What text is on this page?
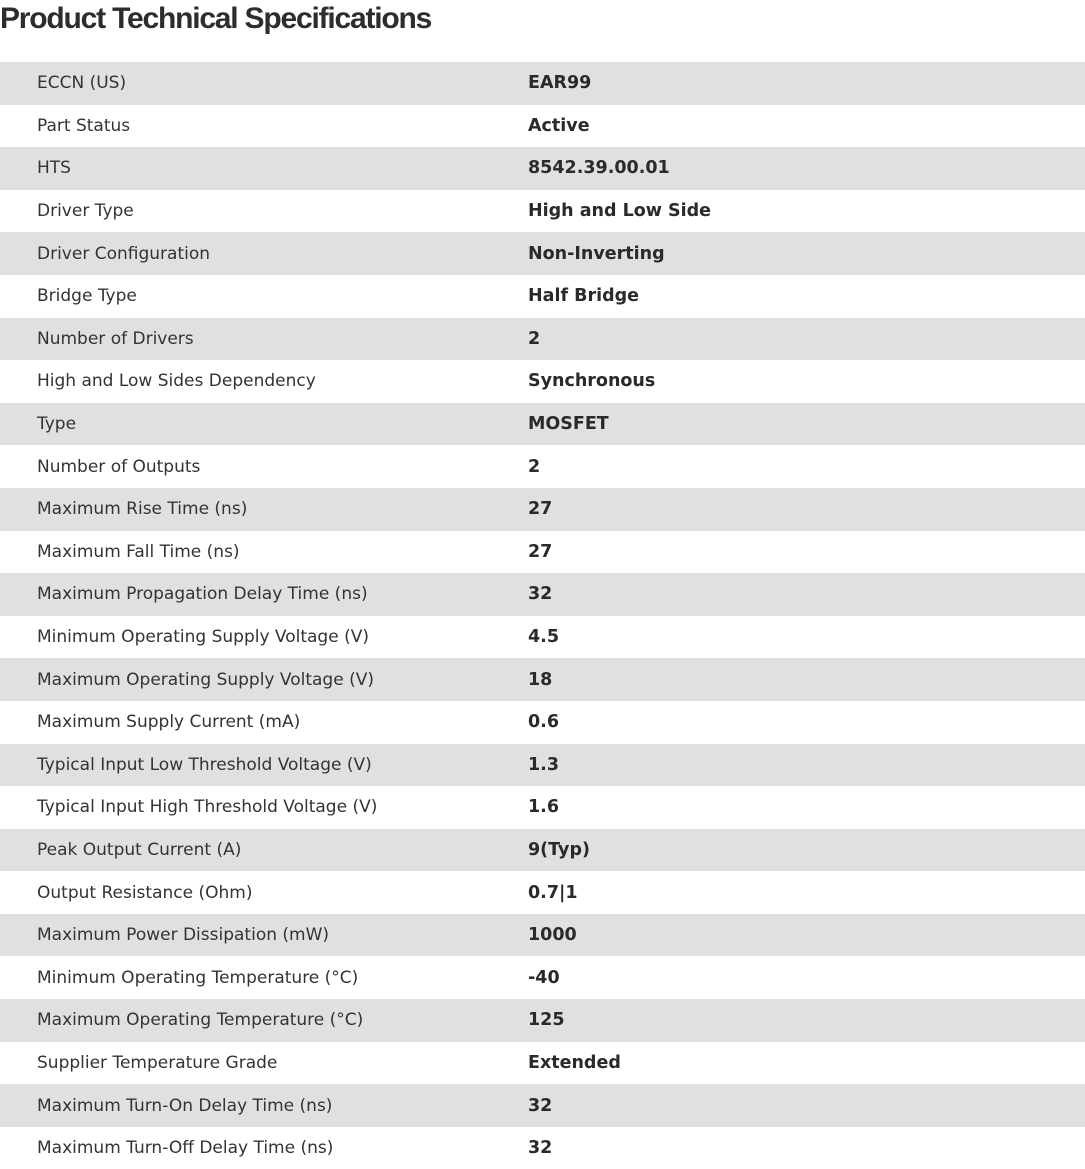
Product Technical Specifications
ECCN (US)	EAR99
Part Status	Active
HTS	8542.39.00.01
Driver Type	High and Low Side
Driver Configuration	Non-Inverting
Bridge Type	Half Bridge
Number of Drivers	2
High and Low Sides Dependency	Synchronous
Type	MOSFET
Number of Outputs	2
Maximum Rise Time (ns)	27
Maximum Fall Time (ns)	27
Maximum Propagation Delay Time (ns)	32
Minimum Operating Supply Voltage (V)	4.5
Maximum Operating Supply Voltage (V)	18
Maximum Supply Current (mA)	0.6
Typical Input Low Threshold Voltage (V)	1.3
Typical Input High Threshold Voltage (V)	1.6
Peak Output Current (A)	9(Typ)
Output Resistance (Ohm)	0.7|1
Maximum Power Dissipation (mW)	1000
Minimum Operating Temperature (°C)	-40
Maximum Operating Temperature (°C)	125
Supplier Temperature Grade	Extended
Maximum Turn-On Delay Time (ns)	32
Maximum Turn-Off Delay Time (ns)	32
